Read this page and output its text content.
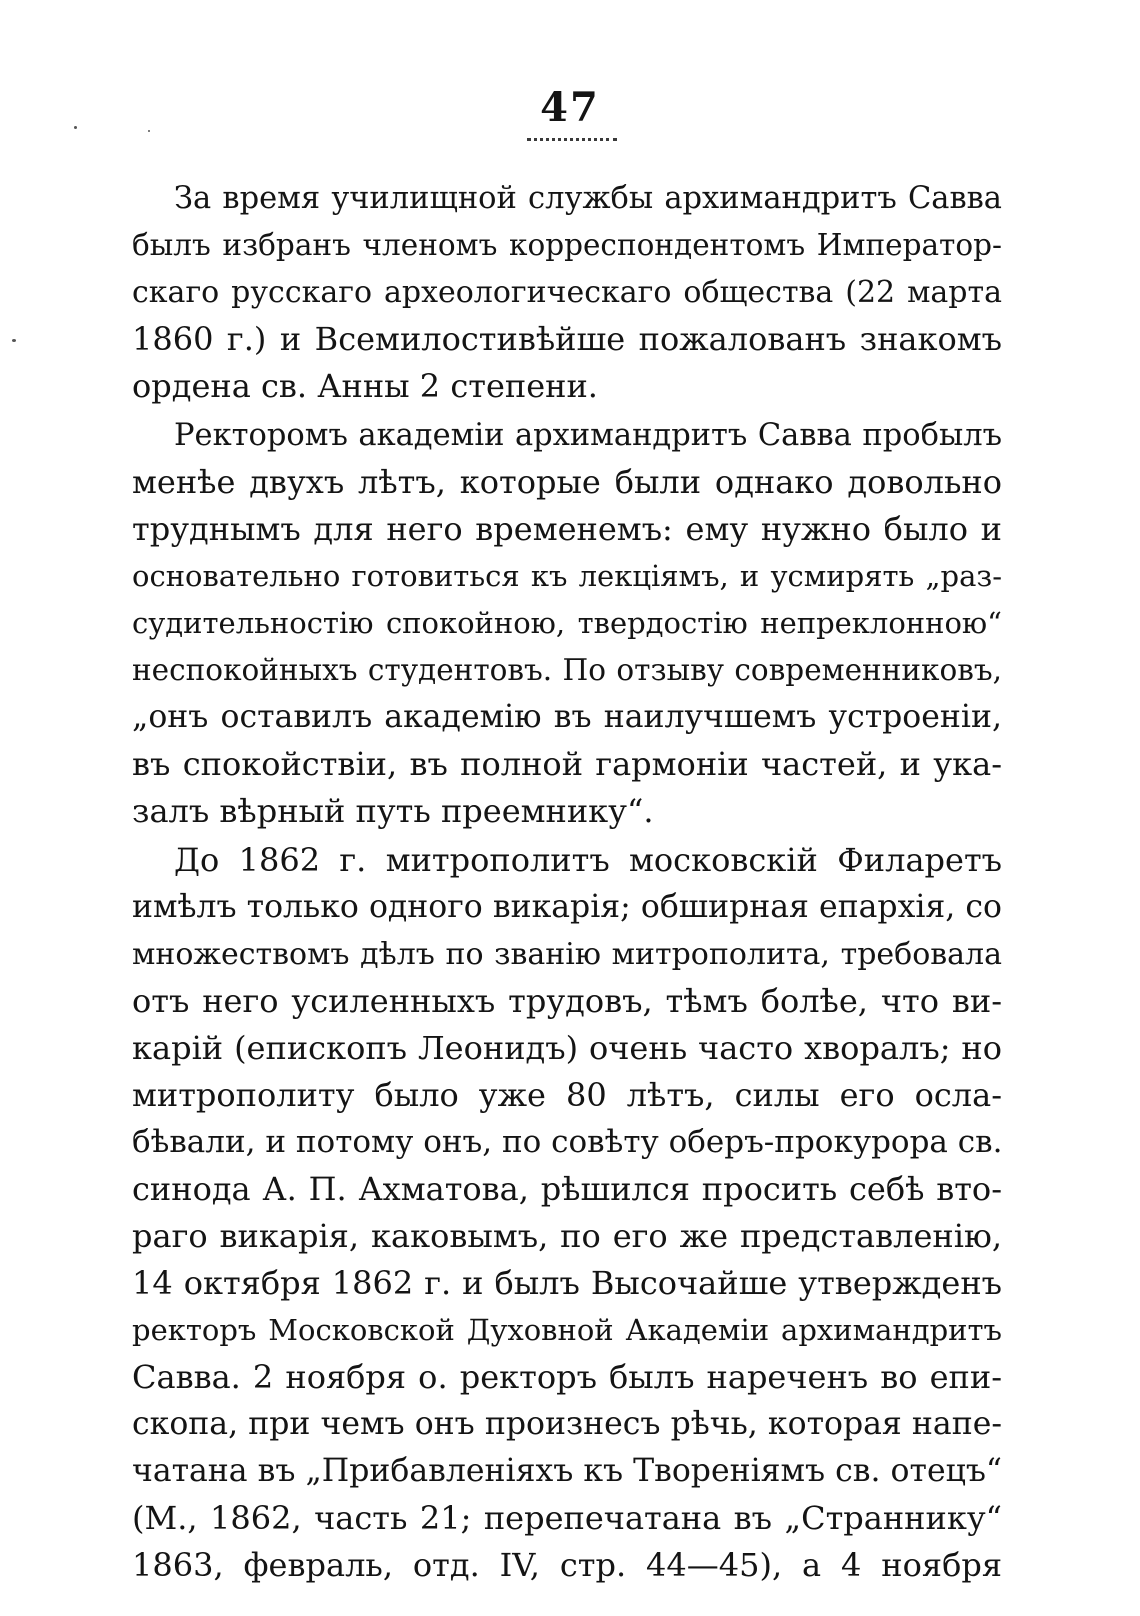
47
За время училищной службы архимандритъ Савва
былъ избранъ членомъ корреспондентомъ Император-
скаго русскаго археологическаго общества (22 марта
1860 г.) и Всемилостивѣйше пожалованъ знакомъ
ордена св. Анны 2 степени.
Ректоромъ академіи архимандритъ Савва пробылъ
менѣе двухъ лѣтъ, которые были однако довольно
труднымъ для него временемъ: ему нужно было и
основательно готовиться къ лекціямъ, и усмирять „раз-
судительностію спокойною, твердостію непреклонною“
неспокойныхъ студентовъ. По отзыву современниковъ,
„онъ оставилъ академію въ наилучшемъ устроеніи,
въ спокойствіи, въ полной гармоніи частей, и ука-
залъ вѣрный путь преемнику“.
До 1862 г. митрополитъ московскій Филаретъ
имѣлъ только одного викарія; обширная епархія, со
множествомъ дѣлъ по званію митрополита, требовала
отъ него усиленныхъ трудовъ, тѣмъ болѣе, что ви-
карій (епископъ Леонидъ) очень часто хворалъ; но
митрополиту было уже 80 лѣтъ, силы его осла-
бѣвали, и потому онъ, по совѣту оберъ-прокурора св.
синода А. П. Ахматова, рѣшился просить себѣ вто-
раго викарія, каковымъ, по его же представленію,
14 октября 1862 г. и былъ Высочайше утвержденъ
ректоръ Московской Духовной Академіи архимандритъ
Савва. 2 ноября о. ректоръ былъ нареченъ во епи-
скопа, при чемъ онъ произнесъ рѣчь, которая напе-
чатана въ „Прибавленіяхъ къ Твореніямъ св. отецъ“
(М., 1862, часть 21; перепечатана въ „Страннику“
1863, февраль, отд. IV, стр. 44—45), а 4 ноября
